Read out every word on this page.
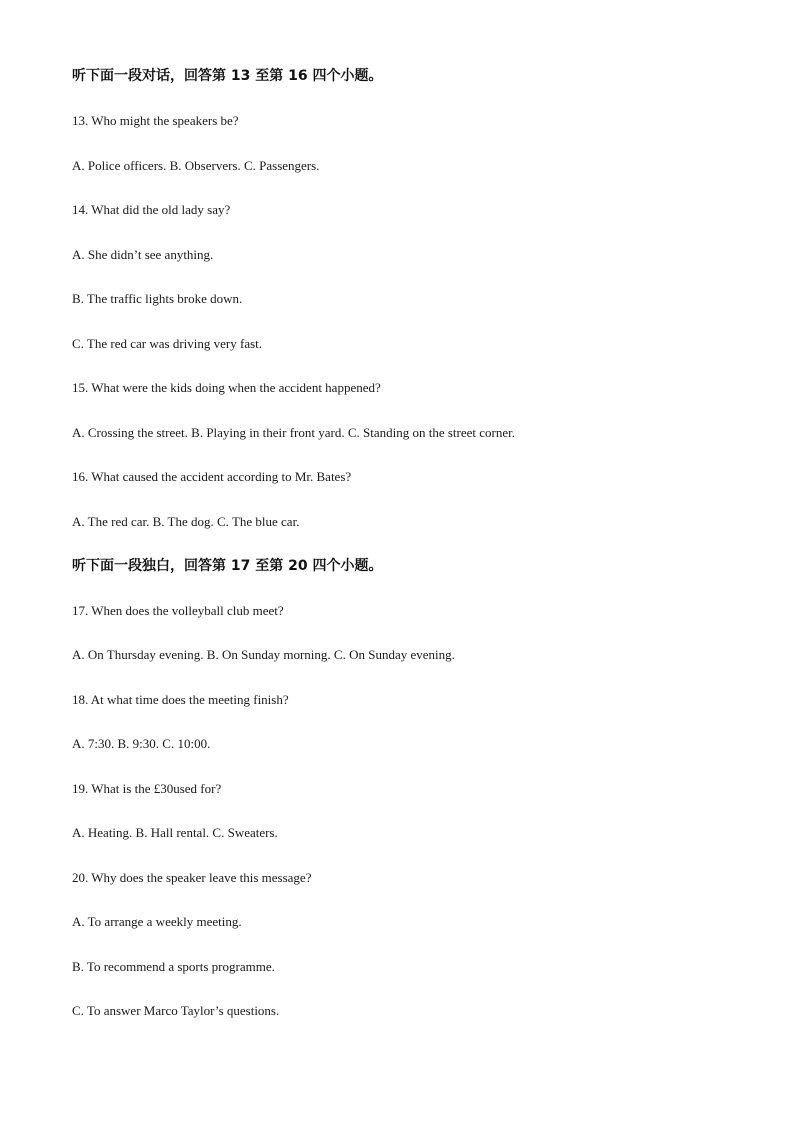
听下面一段对话，回答第 13 至第 16 四个小题。
13. Who might the speakers be?
A. Police officers. B. Observers. C. Passengers.
14. What did the old lady say?
A. She didn’t see anything.
B. The traffic lights broke down.
C. The red car was driving very fast.
15. What were the kids doing when the accident happened?
A. Crossing the street. B. Playing in their front yard. C. Standing on the street corner.
16. What caused the accident according to Mr. Bates?
A. The red car. B. The dog. C. The blue car.
听下面一段独白，回答第 17 至第 20 四个小题。
17. When does the volleyball club meet?
A. On Thursday evening. B. On Sunday morning. C. On Sunday evening.
18. At what time does the meeting finish?
A. 7:30. B. 9:30. C. 10:00.
19. What is the £30used for?
A. Heating. B. Hall rental. C. Sweaters.
20. Why does the speaker leave this message?
A. To arrange a weekly meeting.
B. To recommend a sports programme.
C. To answer Marco Taylor’s questions.
